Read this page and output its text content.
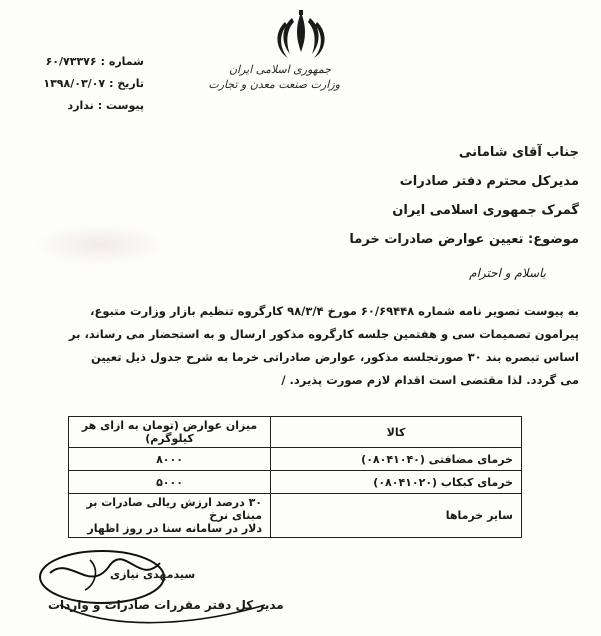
جمهوری اسلامی ایران
وزارت صنعت معدن و تجارت
شماره :
۶۰/۷۳۳۷۶
تاریخ :
۱۳۹۸/۰۳/۰۷
پیوست :
ندارد
جناب آقای شامانی
مدیرکل محترم دفتر صادرات
گمرک جمهوری اسلامی ایران
موضوع: تعیین عوارض صادرات خرما
باسلام و احترام

به پیوست تصویر نامه شماره ۶۰/۶۹۴۴۸ مورخ ۹۸/۳/۴ کارگروه تنظیم بازار وزارت متبوع،

پیرامون تصمیمات سی و هفتمین جلسه کارگروه مذکور ارسال و به استحضار می رساند، بر

اساس تبصره بند ۳۰ صورتجلسه مذکور، عوارض صادراتی خرما به شرح جدول ذیل تعیین

می گردد. لذا مقتضی است اقدام لازم صورت پذیرد. /

کالا	میزان عوارض (تومان به ازای هر کیلوگرم)
خرمای مضافتی (۰۸۰۴۱۰۴۰)	۸۰۰۰
خرمای کبکاب (۰۸۰۴۱۰۲۰)	۵۰۰۰
سایر خرماها	۳۰ درصد ارزش ریالی صادرات بر مبنای نرخ
دلار در سامانه سنا در روز اظهار
سیدمهدی نیازی
مدیر کل دفتر مقررات صادرات و واردات
